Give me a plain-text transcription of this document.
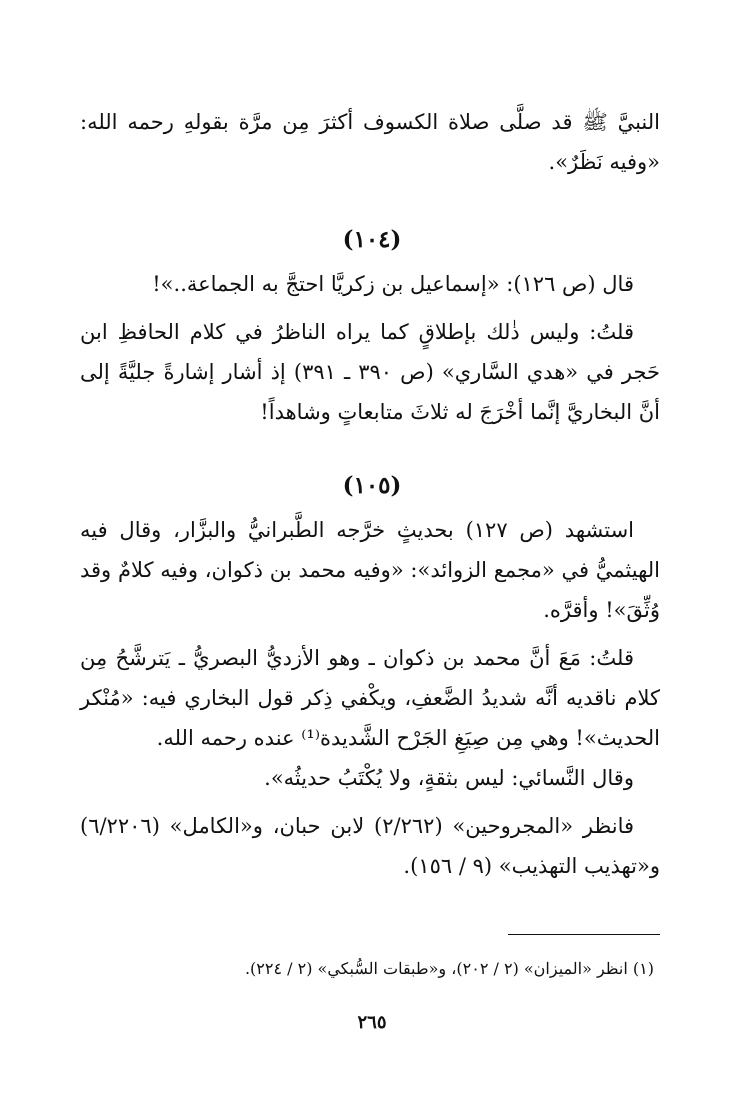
النبيَّ ﷺ قد صلَّى صلاة الكسوف أكثرَ مِن مرَّة بقولهِ رحمه الله: «وفيه نَظَرٌ».

(١٠٤)

قال (ص ١٢٦): «إسماعيل بن زكريَّا احتجَّ به الجماعة..»!

قلتُ: وليس ذٰلك بإطلاقٍ كما يراه الناظرُ في كلام الحافظِ ابن حَجر في «هدي السَّاري» (ص ٣٩٠ ـ ٣٩١) إذ أشار إشارةً جليَّةً إلى أنَّ البخاريَّ إنَّما أخْرَجَ له ثلاثَ متابعاتٍ وشاهداً!

(١٠٥)

استشهد (ص ١٢٧) بحديثٍ خرَّجه الطَّبرانيُّ والبزَّار، وقال فيه الهيثميُّ في «مجمع الزوائد»: «وفيه محمد بن ذكوان، وفيه كلامٌ وقد وُثِّقَ»! وأقرَّه.

قلتُ: مَعَ أنَّ محمد بن ذكوان ـ وهو الأزديُّ البصريُّ ـ يَترشَّحُ مِن كلام ناقديه أنَّه شديدُ الضَّعفِ، ويكْفي ذِكر قول البخاري فيه: «مُنْكر الحديث»! وهي مِن صِيَغِ الجَرْح الشَّديدة⁽¹⁾ عنده رحمه الله.

وقال النَّسائي: ليس بثقةٍ، ولا يُكْتَبُ حديثُه».

فانظر «المجروحين» (٢/٢٦٢) لابن حبان، و«الكامل» (٦/٢٢٠٦) و«تهذيب التهذيب» (٩ / ١٥٦).

(١) انظر «الميزان» (٢ / ٢٠٢)، و«طبقات السُّبكي» (٢ / ٢٢٤).
٢٦٥
